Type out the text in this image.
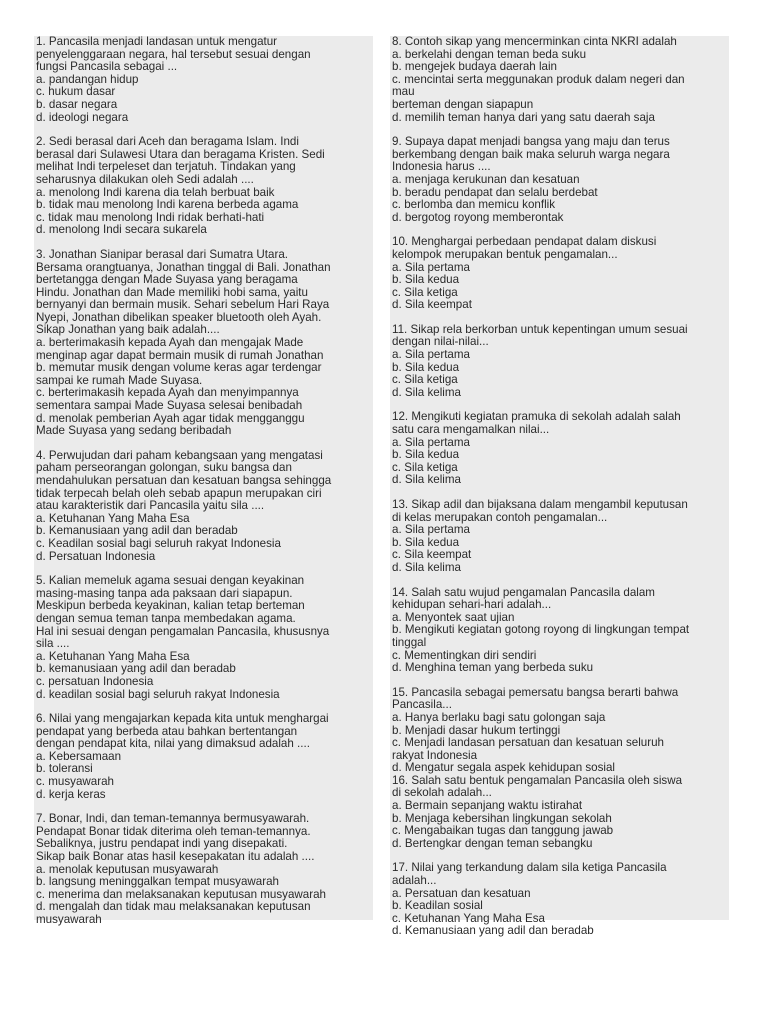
1. Pancasila menjadi landasan untuk mengatur
penyelenggaraan negara, hal tersebut sesuai dengan
fungsi Pancasila sebagai ...
a. pandangan hidup
c. hukum dasar
b. dasar negara
d. ideologi negara
2. Sedi berasal dari Aceh dan beragama Islam. Indi
berasal dari Sulawesi Utara dan beragama Kristen. Sedi
melihat Indi terpeleset dan terjatuh. Tindakan yang
seharusnya dilakukan oleh Sedi adalah ....
a. menolong Indi karena dia telah berbuat baik
b. tidak mau menolong Indi karena berbeda agama
c. tidak mau menolong Indi ridak berhati-hati
d. menolong Indi secara sukarela
3. Jonathan Sianipar berasal dari Sumatra Utara.
Bersama orangtuanya, Jonathan tinggal di Bali. Jonathan
bertetangga dengan Made Suyasa yang beragama
Hindu. Jonathan dan Made memiliki hobi sama, yaitu
bernyanyi dan bermain musik. Sehari sebelum Hari Raya
Nyepi, Jonathan dibelikan speaker bluetooth oleh Ayah.
Sikap Jonathan yang baik adalah....
a. berterimakasih kepada Ayah dan mengajak Made
menginap agar dapat bermain musik di rumah Jonathan
b. memutar musik dengan volume keras agar terdengar
sampai ke rumah Made Suyasa.
c. berterimakasih kepada Ayah dan menyimpannya
sementara sampai Made Suyasa selesai benibadah
d. menolak pemberian Ayah agar tidak mengganggu
Made Suyasa yang sedang beribadah
4. Perwujudan dari paham kebangsaan yang mengatasi
paham perseorangan golongan, suku bangsa dan
mendahulukan persatuan dan kesatuan bangsa sehingga
tidak terpecah belah oleh sebab apapun merupakan ciri
atau karakteristik dari Pancasila yaitu sila ....
a. Ketuhanan Yang Maha Esa
b. Kemanusiaan yang adil dan beradab
c. Keadilan sosial bagi seluruh rakyat Indonesia
d. Persatuan Indonesia
5. Kalian memeluk agama sesuai dengan keyakinan
masing-masing tanpa ada paksaan dari siapapun.
Meskipun berbeda keyakinan, kalian tetap berteman
dengan semua teman tanpa membedakan agama.
Hal ini sesuai dengan pengamalan Pancasila, khususnya
sila ....
a. Ketuhanan Yang Maha Esa
b. kemanusiaan yang adil dan beradab
c. persatuan Indonesia
d. keadilan sosial bagi seluruh rakyat Indonesia
6. Nilai yang mengajarkan kepada kita untuk menghargai
pendapat yang berbeda atau bahkan bertentangan
dengan pendapat kita, nilai yang dimaksud adalah ....
a. Kebersamaan
b. toleransi
c. musyawarah
d. kerja keras
7. Bonar, Indi, dan teman-temannya bermusyawarah.
Pendapat Bonar tidak diterima oleh teman-temannya.
Sebaliknya, justru pendapat indi yang disepakati.
Sikap baik Bonar atas hasil kesepakatan itu adalah ....
a. menolak keputusan musyawarah
b. langsung meninggalkan tempat musyawarah
c. menerima dan melaksanakan keputusan musyawarah
d. mengalah dan tidak mau melaksanakan keputusan
musyawarah
8. Contoh sikap yang mencerminkan cinta NKRI adalah
a. berkelahi dengan teman beda suku
b. mengejek budaya daerah lain
c. mencintai serta meggunakan produk dalam negeri dan
mau
berteman dengan siapapun
d. memilih teman hanya dari yang satu daerah saja
9. Supaya dapat menjadi bangsa yang maju dan terus
berkembang dengan baik maka seluruh warga negara
Indonesia harus ....
a. menjaga kerukunan dan kesatuan
b. beradu pendapat dan selalu berdebat
c. berlomba dan memicu konflik
d. bergotog royong memberontak
10. Menghargai perbedaan pendapat dalam diskusi
kelompok merupakan bentuk pengamalan...
a. Sila pertama
b. Sila kedua
c. Sila ketiga
d. Sila keempat
11. Sikap rela berkorban untuk kepentingan umum sesuai
dengan nilai-nilai...
a. Sila pertama
b. Sila kedua
c. Sila ketiga
d. Sila kelima
12. Mengikuti kegiatan pramuka di sekolah adalah salah
satu cara mengamalkan nilai...
a. Sila pertama
b. Sila kedua
c. Sila ketiga
d. Sila kelima
13. Sikap adil dan bijaksana dalam mengambil keputusan
di kelas merupakan contoh pengamalan...
a. Sila pertama
b. Sila kedua
c. Sila keempat
d. Sila kelima
14. Salah satu wujud pengamalan Pancasila dalam
kehidupan sehari-hari adalah...
a. Menyontek saat ujian
b. Mengikuti kegiatan gotong royong di lingkungan tempat
tinggal
c. Mementingkan diri sendiri
d. Menghina teman yang berbeda suku
15. Pancasila sebagai pemersatu bangsa berarti bahwa
Pancasila...
a. Hanya berlaku bagi satu golongan saja
b. Menjadi dasar hukum tertinggi
c. Menjadi landasan persatuan dan kesatuan seluruh
rakyat Indonesia
d. Mengatur segala aspek kehidupan sosial
16. Salah satu bentuk pengamalan Pancasila oleh siswa
di sekolah adalah...
a. Bermain sepanjang waktu istirahat
b. Menjaga kebersihan lingkungan sekolah
c. Mengabaikan tugas dan tanggung jawab
d. Bertengkar dengan teman sebangku
17. Nilai yang terkandung dalam sila ketiga Pancasila
adalah...
a. Persatuan dan kesatuan
b. Keadilan sosial
c. Ketuhanan Yang Maha Esa
d. Kemanusiaan yang adil dan beradab
